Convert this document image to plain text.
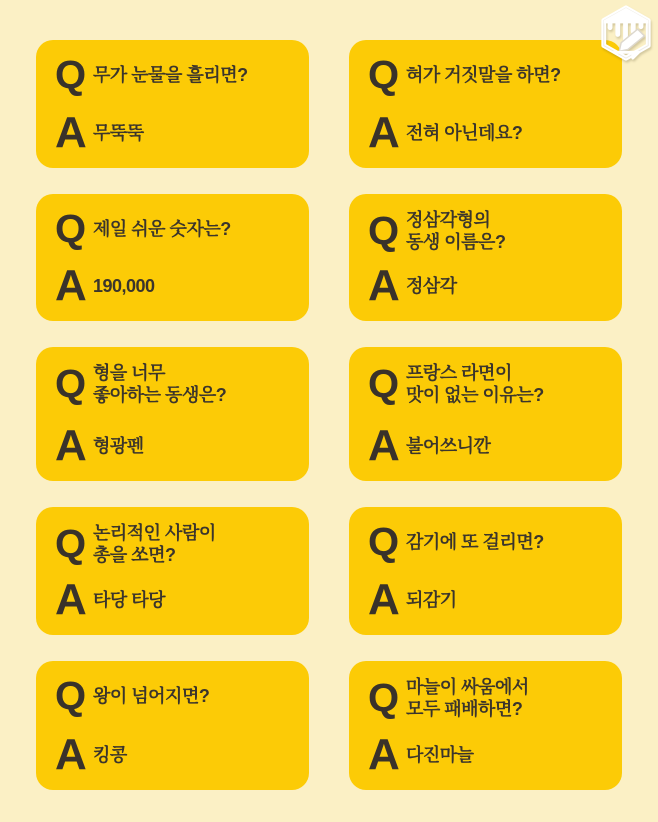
Q 무가 눈물을 흘리면?
A 무뚝뚝
Q 혀가 거짓말을 하면?
A 전혀 아닌데요?
Q 제일 쉬운 숫자는?
A 190,000
Q 정삼각형의
동생 이름은?
A 정삼각
Q 형을 너무
좋아하는 동생은?
A 형광펜
Q 프랑스 라면이
맛이 없는 이유는?
A 불어쓰니깐
Q 논리적인 사람이
총을 쏘면?
A 타당 타당
Q 감기에 또 걸리면?
A 되감기
Q 왕이 넘어지면?
A 킹콩
Q 마늘이 싸움에서
모두 패배하면?
A 다진마늘
